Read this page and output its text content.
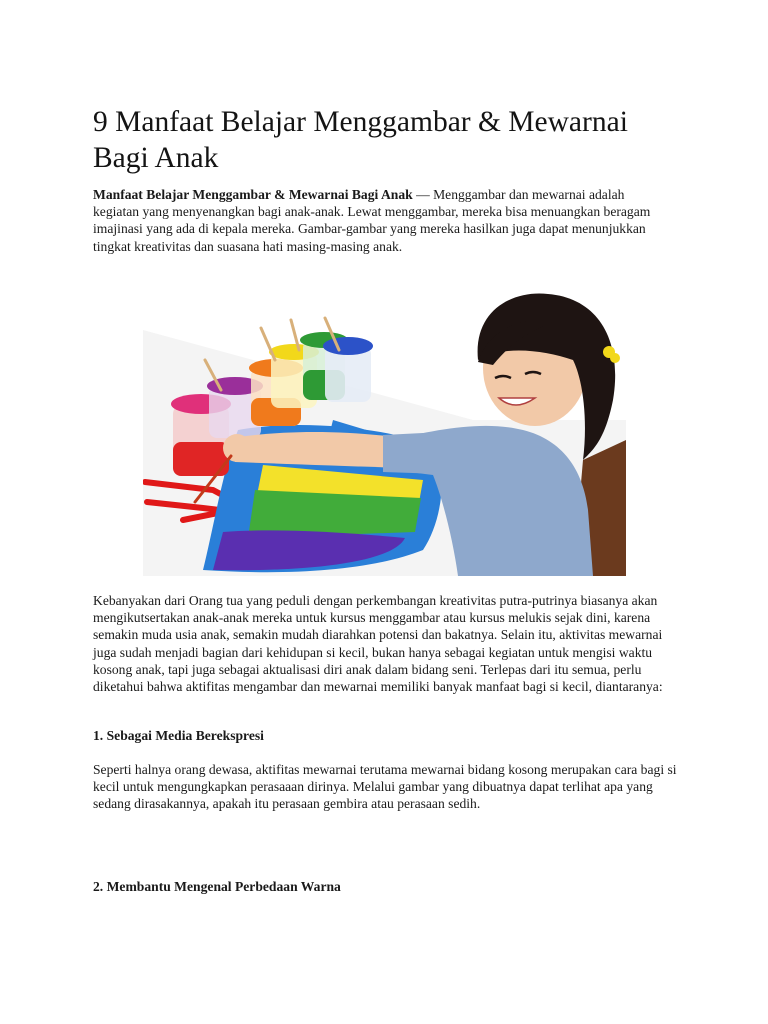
9 Manfaat Belajar Menggambar & Mewarnai Bagi Anak

Manfaat Belajar Menggambar & Mewarnai Bagi Anak — Menggambar dan mewarnai adalah kegiatan yang menyenangkan bagi anak-anak. Lewat menggambar, mereka bisa menuangkan beragam imajinasi yang ada di kepala mereka. Gambar-gambar yang mereka hasilkan juga dapat menunjukkan tingkat kreativitas dan suasana hati masing-masing anak.

Kebanyakan dari Orang tua yang peduli dengan perkembangan kreativitas putra-putrinya biasanya akan mengikutsertakan anak-anak mereka untuk kursus menggambar atau kursus melukis sejak dini, karena semakin muda usia anak, semakin mudah diarahkan potensi dan bakatnya. Selain itu, aktivitas mewarnai juga sudah menjadi bagian dari kehidupan si kecil, bukan hanya sebagai kegiatan untuk mengisi waktu kosong anak, tapi juga sebagai aktualisasi diri anak dalam bidang seni. Terlepas dari itu semua, perlu diketahui bahwa aktifitas mengambar dan mewarnai memiliki banyak manfaat bagi si kecil, diantaranya:

1. Sebagai Media Berekspresi

Seperti halnya orang dewasa, aktifitas mewarnai terutama mewarnai bidang kosong merupakan cara bagi si kecil untuk mengungkapkan perasaaan dirinya. Melalui gambar yang dibuatnya dapat terlihat apa yang sedang dirasakannya, apakah itu perasaan gembira atau perasaan sedih.

2. Membantu Mengenal Perbedaan Warna
